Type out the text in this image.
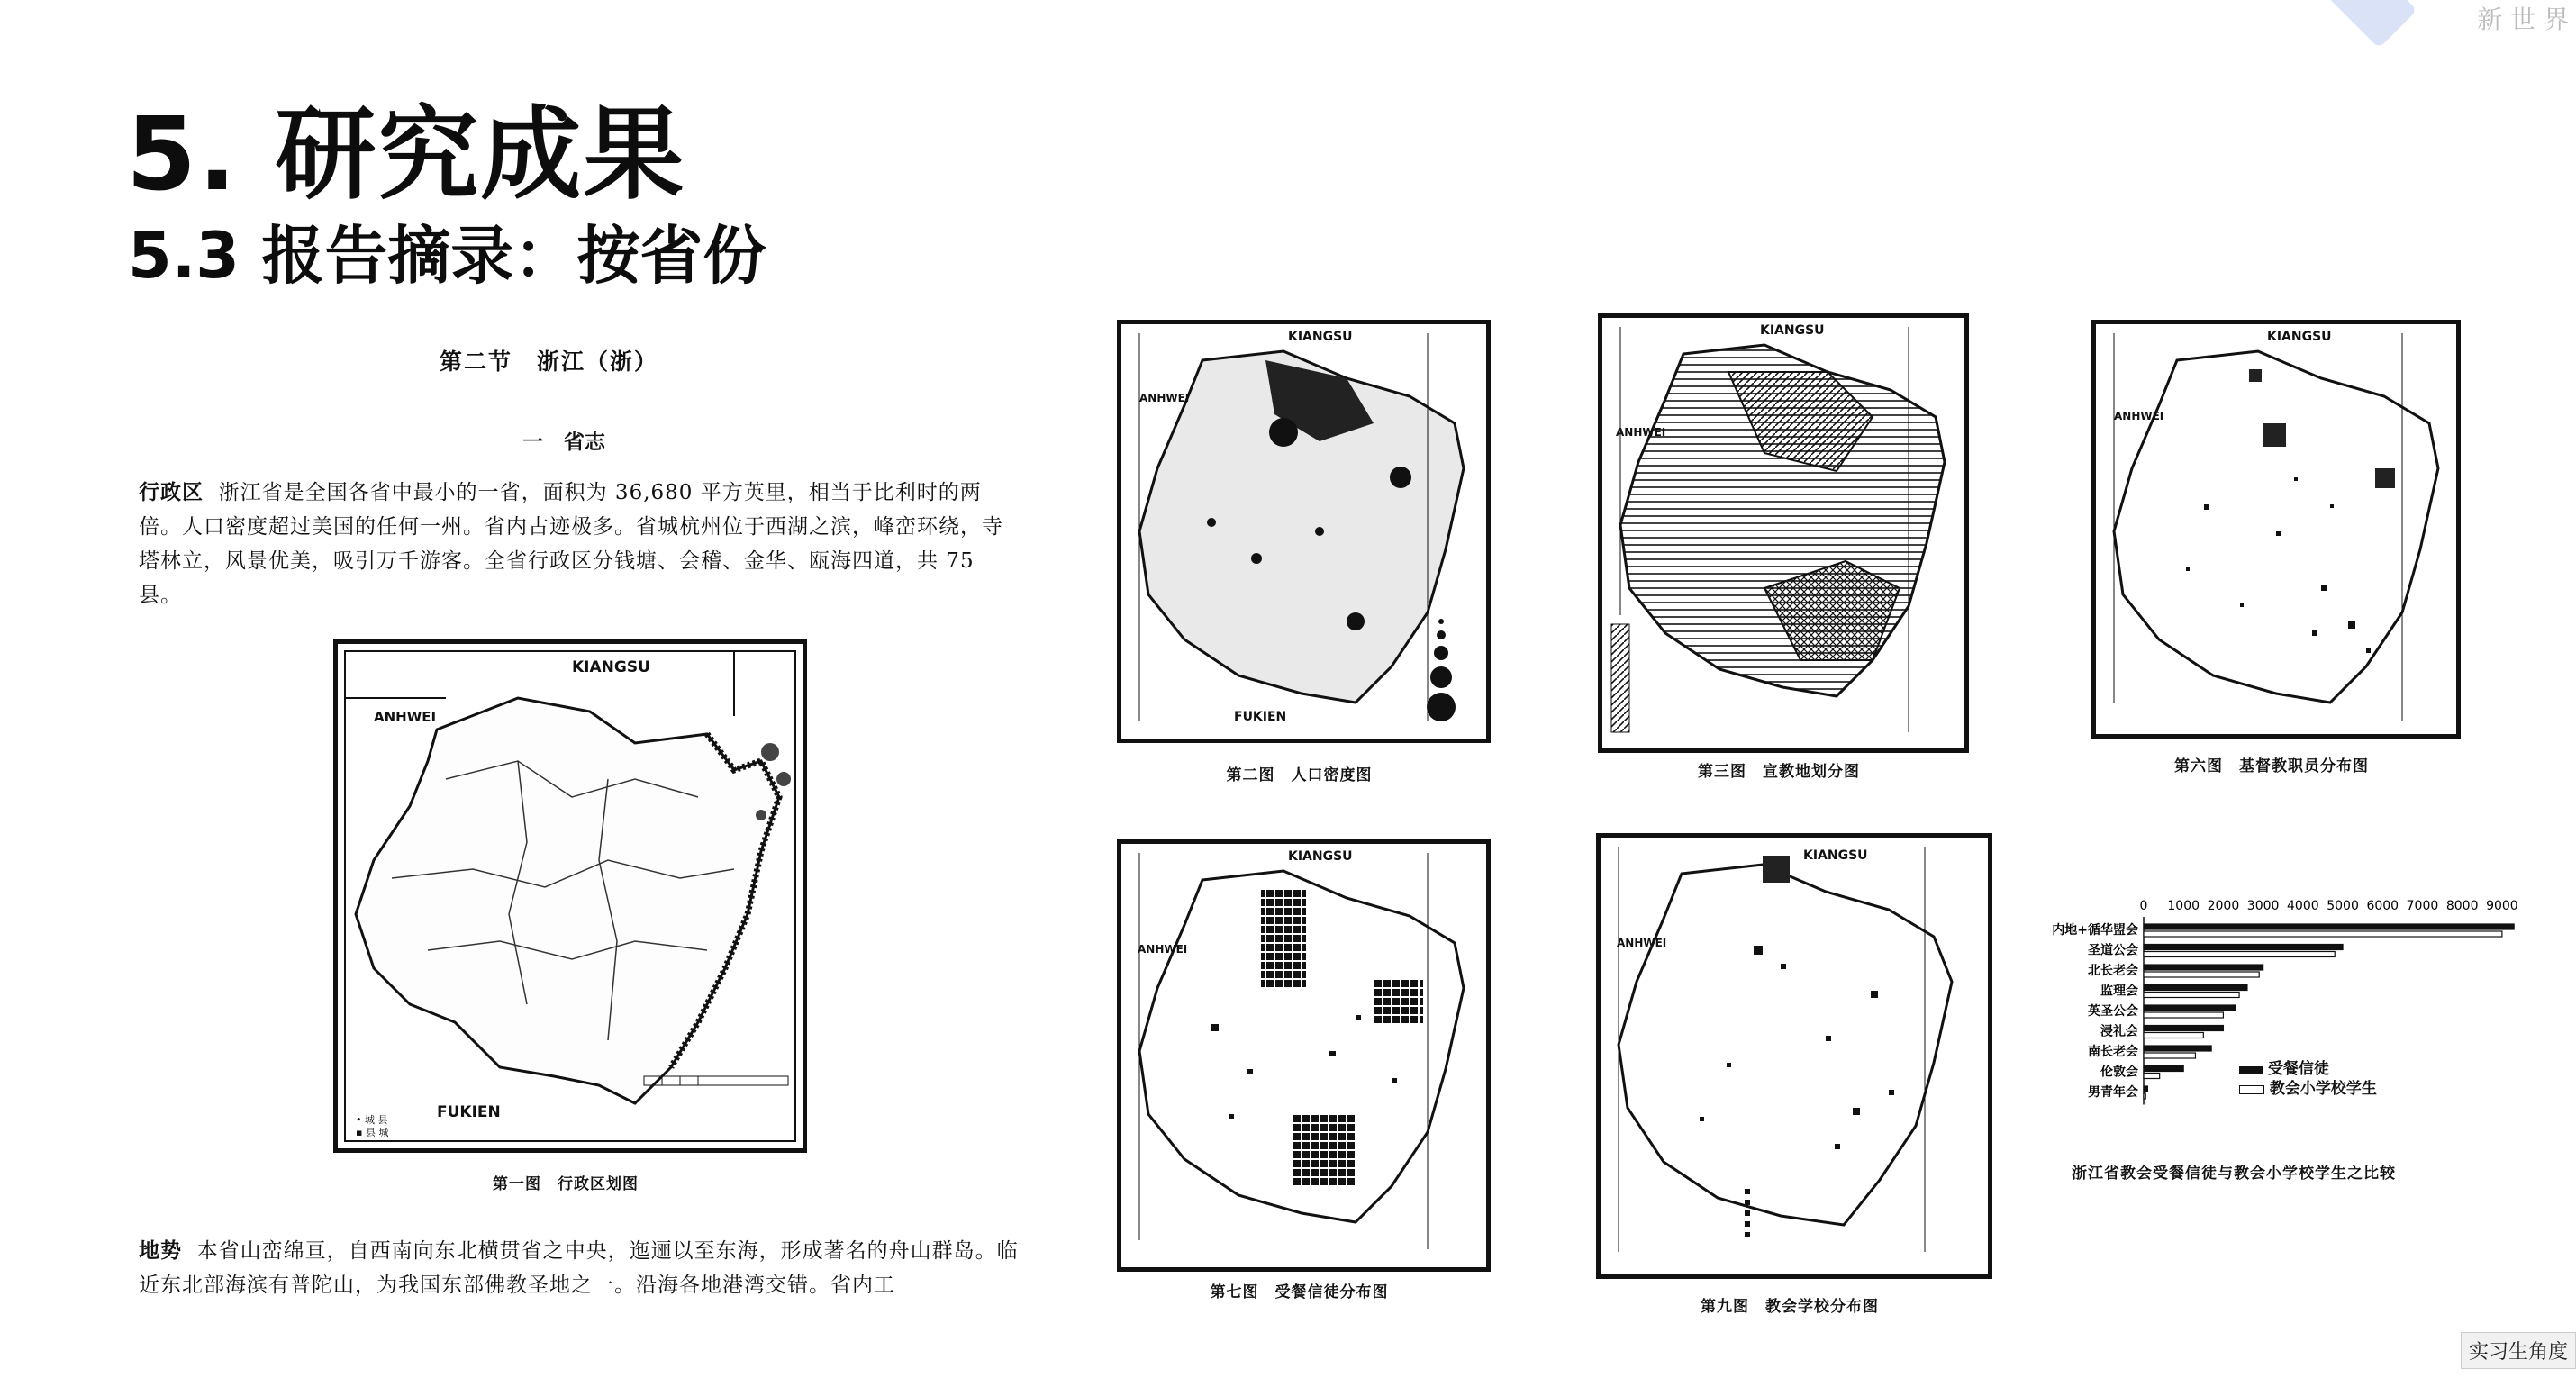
5. 研究成果
5.3 报告摘录：按省份
新 世 界
第二节　浙江（浙）
一　省志
行政区 浙江省是全国各省中最小的一省，面积为 36,680 平方英里，相当于比利时的两倍。人口密度超过美国的任何一州。省内古迹极多。省城杭州位于西湖之滨，峰峦环绕，寺塔林立，风景优美，吸引万千游客。全省行政区分钱塘、会稽、金华、瓯海四道，共 75 县。
地势 本省山峦绵亘，自西南向东北横贯省之中央，迤逦以至东海，形成著名的舟山群岛。临近东北部海滨有普陀山，为我国东部佛教圣地之一。沿海各地港湾交错。省内工
KIANGSU
ANHWEI
FUKIEN
• 城 县
▪ 县 城
第一图　行政区划图
KIANGSU
ANHWEI
FUKIEN
第二图　人口密度图
KIANGSU
ANHWEI
第三图　宣教地划分图
KIANGSU
ANHWEI
第六图　基督教职员分布图
KIANGSU
ANHWEI
第七图　受餐信徒分布图
KIANGSU
ANHWEI
第九图　教会学校分布图
0 1000 2000 3000 4000 5000 6000 7000 8000 9000
内地+循华盟会
圣道公会
北长老会
监理会
英圣公会
浸礼会
南长老会
伦敦会
男青年会
受餐信徒
教会小学校学生
浙江省教会受餐信徒与教会小学校学生之比较
实习生角度
